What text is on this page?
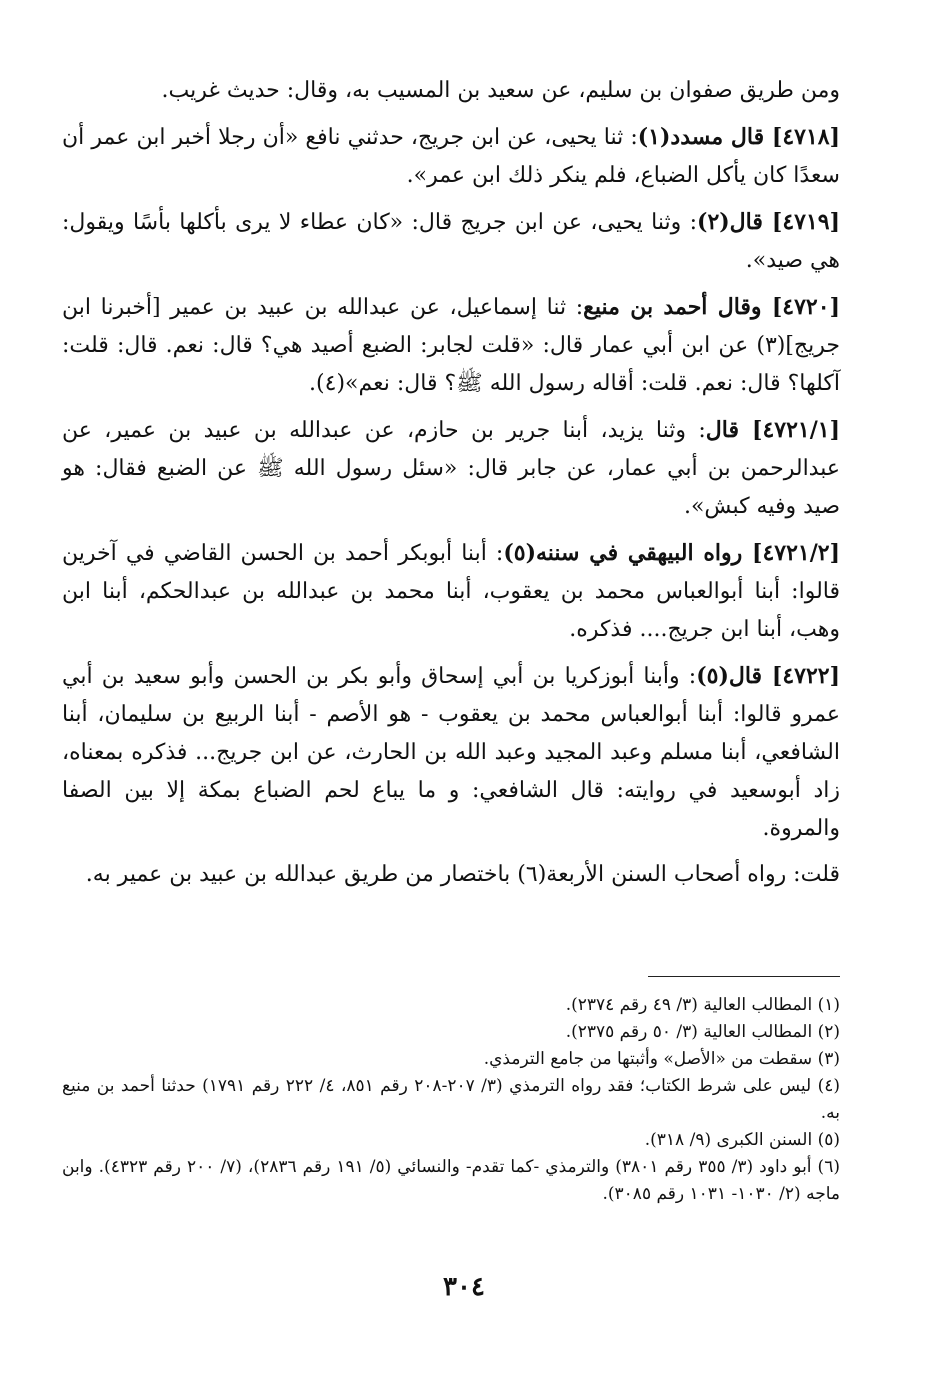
ومن طريق صفوان بن سليم، عن سعيد بن المسيب به، وقال: حديث غريب.

[٤٧١٨] قال مسدد(١): ثنا يحيى، عن ابن جريج، حدثني نافع «أن رجلا أخبر ابن عمر أن سعدًا كان يأكل الضباع، فلم ينكر ذلك ابن عمر».

[٤٧١٩] قال(٢): وثنا يحيى، عن ابن جريج قال: «كان عطاء لا يرى بأكلها بأسًا ويقول: هي صيد».

[٤٧٢٠] وقال أحمد بن منيع: ثنا إسماعيل، عن عبدالله بن عبيد بن عمير [أخبرنا ابن جريج](٣) عن ابن أبي عمار قال: «قلت لجابر: الضبع أصيد هي؟ قال: نعم. قال: قلت: آكلها؟ قال: نعم. قلت: أقاله رسول الله ﷺ؟ قال: نعم»(٤).

[٤٧٢١/١] قال: وثنا يزيد، أبنا جرير بن حازم، عن عبدالله بن عبيد بن عمير، عن عبدالرحمن بن أبي عمار، عن جابر قال: «سئل رسول الله ﷺ عن الضبع فقال: هو صيد وفيه كبش».

[٤٧٢١/٢] رواه البيهقي في سننه(٥): أبنا أبوبكر أحمد بن الحسن القاضي في آخرين قالوا: أبنا أبوالعباس محمد بن يعقوب، أبنا محمد بن عبدالله بن عبدالحكم، أبنا ابن وهب، أبنا ابن جريج.... فذكره.

[٤٧٢٢] قال(٥): وأبنا أبوزكريا بن أبي إسحاق وأبو بكر بن الحسن وأبو سعيد بن أبي عمرو قالوا: أبنا أبوالعباس محمد بن يعقوب - هو الأصم - أبنا الربيع بن سليمان، أبنا الشافعي، أبنا مسلم وعبد المجيد وعبد الله بن الحارث، عن ابن جريج... فذكره بمعناه، زاد أبوسعيد في روايته: قال الشافعي: و ما يباع لحم الضباع بمكة إلا بين الصفا والمروة.

قلت: رواه أصحاب السنن الأربعة(٦) باختصار من طريق عبدالله بن عبيد بن عمير به.

(١) المطالب العالية (٣/ ٤٩ رقم ٢٣٧٤).

(٢) المطالب العالية (٣/ ٥٠ رقم ٢٣٧٥).

(٣) سقطت من «الأصل» وأثبتها من جامع الترمذي.

(٤) ليس على شرط الكتاب؛ فقد رواه الترمذي (٣/ ٢٠٧-٢٠٨ رقم ٨٥١، ٤/ ٢٢٢ رقم ١٧٩١) حدثنا أحمد بن منيع به.

(٥) السنن الكبرى (٩/ ٣١٨).

(٦) أبو داود (٣/ ٣٥٥ رقم ٣٨٠١) والترمذي -كما تقدم- والنسائي (٥/ ١٩١ رقم ٢٨٣٦)، (٧/ ٢٠٠ رقم ٤٣٢٣). وابن ماجه (٢/ ١٠٣٠- ١٠٣١ رقم ٣٠٨٥).

٣٠٤
